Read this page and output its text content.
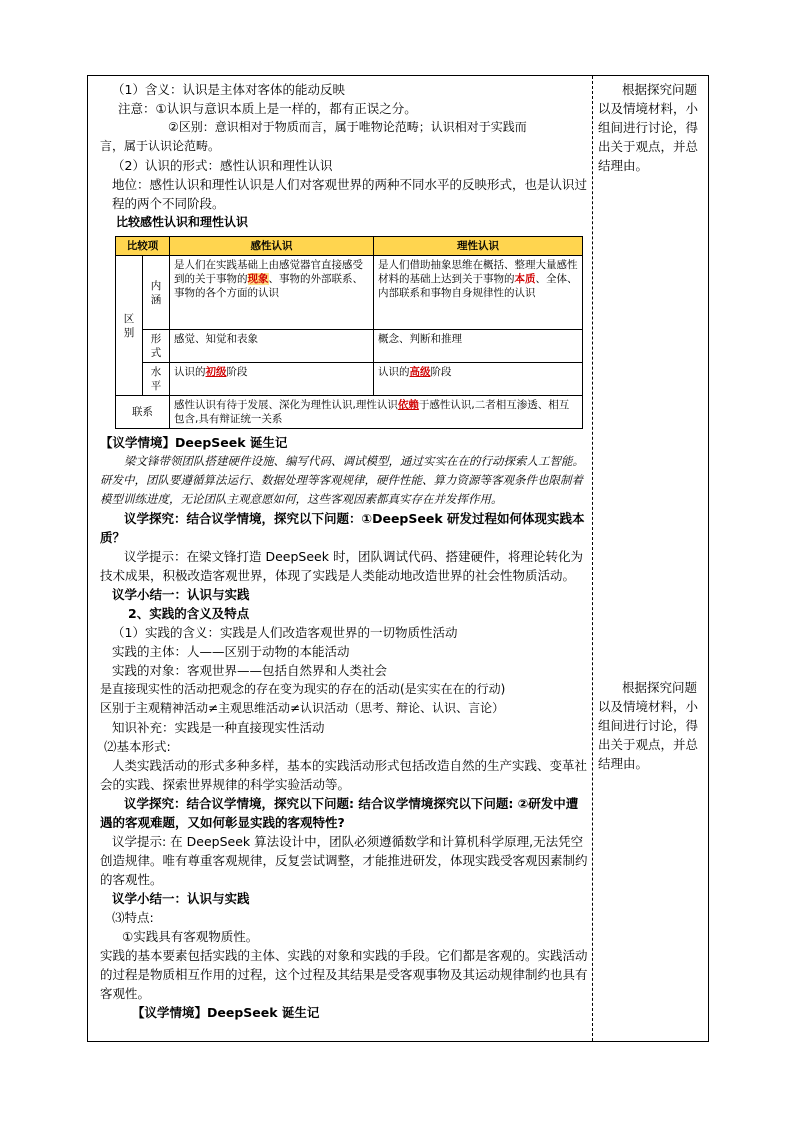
（1）含义：认识是主体对客体的能动反映

注意：①认识与意识本质上是一样的，都有正误之分。

②区别：意识相对于物质而言，属于唯物论范畴；认识相对于实践而

言，属于认识论范畴。

（2）认识的形式：感性认识和理性认识

地位：感性认识和理性认识是人们对客观世界的两种不同水平的反映形式，也是认识过程的两个不同阶段。

比较感性认识和理性认识

比较项		感性认识	理性认识
区别	内涵	是人们在实践基础上由感觉器官直接感受到的关于事物的现象、事物的外部联系、事物的各个方面的认识	是人们借助抽象思维在概括、整理大量感性材料的基础上达到关于事物的本质、全体、内部联系和事物自身规律性的认识
	形式	感觉、知觉和表象	概念、判断和推理
	水平	认识的初级阶段	认识的高级阶段
联系		感性认识有待于发展、深化为理性认识,理性认识依赖于感性认识,二者相互渗透、相互包含,具有辩证统一关系	

【议学情境】DeepSeek 诞生记

梁文锋带领团队搭建硬件设施、编写代码、调试模型，通过实实在在的行动探索人工智能。研发中，团队要遵循算法运行、数据处理等客观规律，硬件性能、算力资源等客观条件也限制着模型训练进度，无论团队主观意愿如何，这些客观因素都真实存在并发挥作用。

议学探究：结合议学情境，探究以下问题：①DeepSeek 研发过程如何体现实践本质？

议学提示：在梁文锋打造 DeepSeek 时，团队调试代码、搭建硬件，将理论转化为技术成果，积极改造客观世界，体现了实践是人类能动地改造世界的社会性物质活动。

议学小结一：认识与实践

2、实践的含义及特点

（1）实践的含义：实践是人们改造客观世界的一切物质性活动

实践的主体：人——区别于动物的本能活动

实践的对象：客观世界——包括自然界和人类社会

是直接现实性的活动把观念的存在变为现实的存在的活动(是实实在在的行动)

区别于主观精神活动≠主观思维活动≠认识活动（思考、辩论、认识、言论）

知识补充：实践是一种直接现实性活动

⑵基本形式:

人类实践活动的形式多种多样，基本的实践活动形式包括改造自然的生产实践、变革社会的实践、探索世界规律的科学实验活动等。

议学探究：结合议学情境，探究以下问题: 结合议学情境探究以下问题: ②研发中遭遇的客观难题，又如何彰显实践的客观特性?

议学提示: 在 DeepSeek 算法设计中，团队必须遵循数学和计算机科学原理,无法凭空创造规律。唯有尊重客观规律，反复尝试调整，才能推进研发，体现实践受客观因素制约的客观性。

议学小结一：认识与实践

⑶特点:

①实践具有客观物质性。

实践的基本要素包括实践的主体、实践的对象和实践的手段。它们都是客观的。实践活动的过程是物质相互作用的过程，这个过程及其结果是受客观事物及其运动规律制约也具有客观性。

【议学情境】DeepSeek 诞生记

根据探究问题以及情境材料，小组间进行讨论，得出关于观点，并总结理由。

根据探究问题以及情境材料，小组间进行讨论，得出关于观点，并总结理由。
